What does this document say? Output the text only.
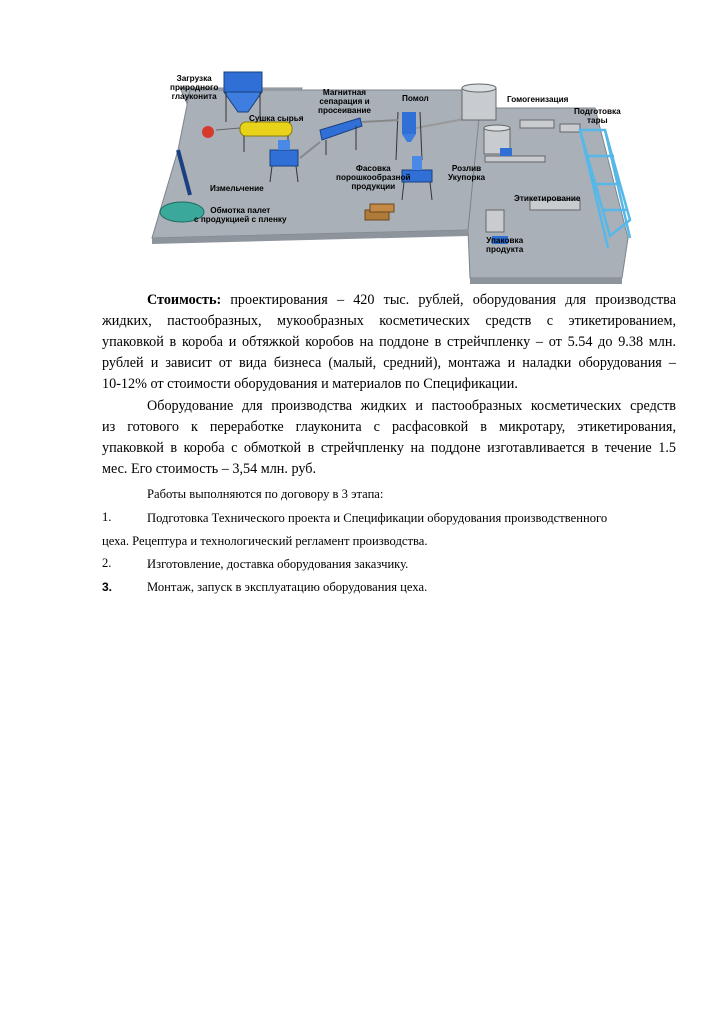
Загрузка
природного
глауконита
Сушка сырья
Магнитная
сепарация и
просеивание
Помол	Гомогенизация
Подготовка
тары
Измельчение
Фасовка
порошкообразной
продукции
Розлив
Укупорка
Этикетирование
Обмотка палет
с продукцией с пленку
Упаковка
продукта
Стоимость: проектирования – 420 тыс. рублей, оборудования для производства
жидких, пастообразных, мукообразных косметических средств с этикетированием,
упаковкой в короба и обтяжкой коробов на поддоне в стрейчпленку – от 5.54 до 9.38 млн.
рублей и зависит от вида бизнеса (малый, средний), монтажа и наладки оборудования –
10-12% от стоимости оборудования и материалов по Спецификации.
Оборудование для производства жидких и пастообразных косметических средств
из готового к переработке глауконита с расфасовкой в микротару, этикетирования,
упаковкой в короба с обмоткой в стрейчпленку на поддоне изготавливается в течение 1.5
мес. Его стоимость – 3,54 млн. руб.
Работы выполняются по договору в 3 этапа:
1.	Подготовка Технического проекта и Спецификации оборудования производственного
цеха. Рецептура и технологический регламент производства.
2.	Изготовление, доставка оборудования заказчику.
3.	Монтаж, запуск в эксплуатацию оборудования цеха.
